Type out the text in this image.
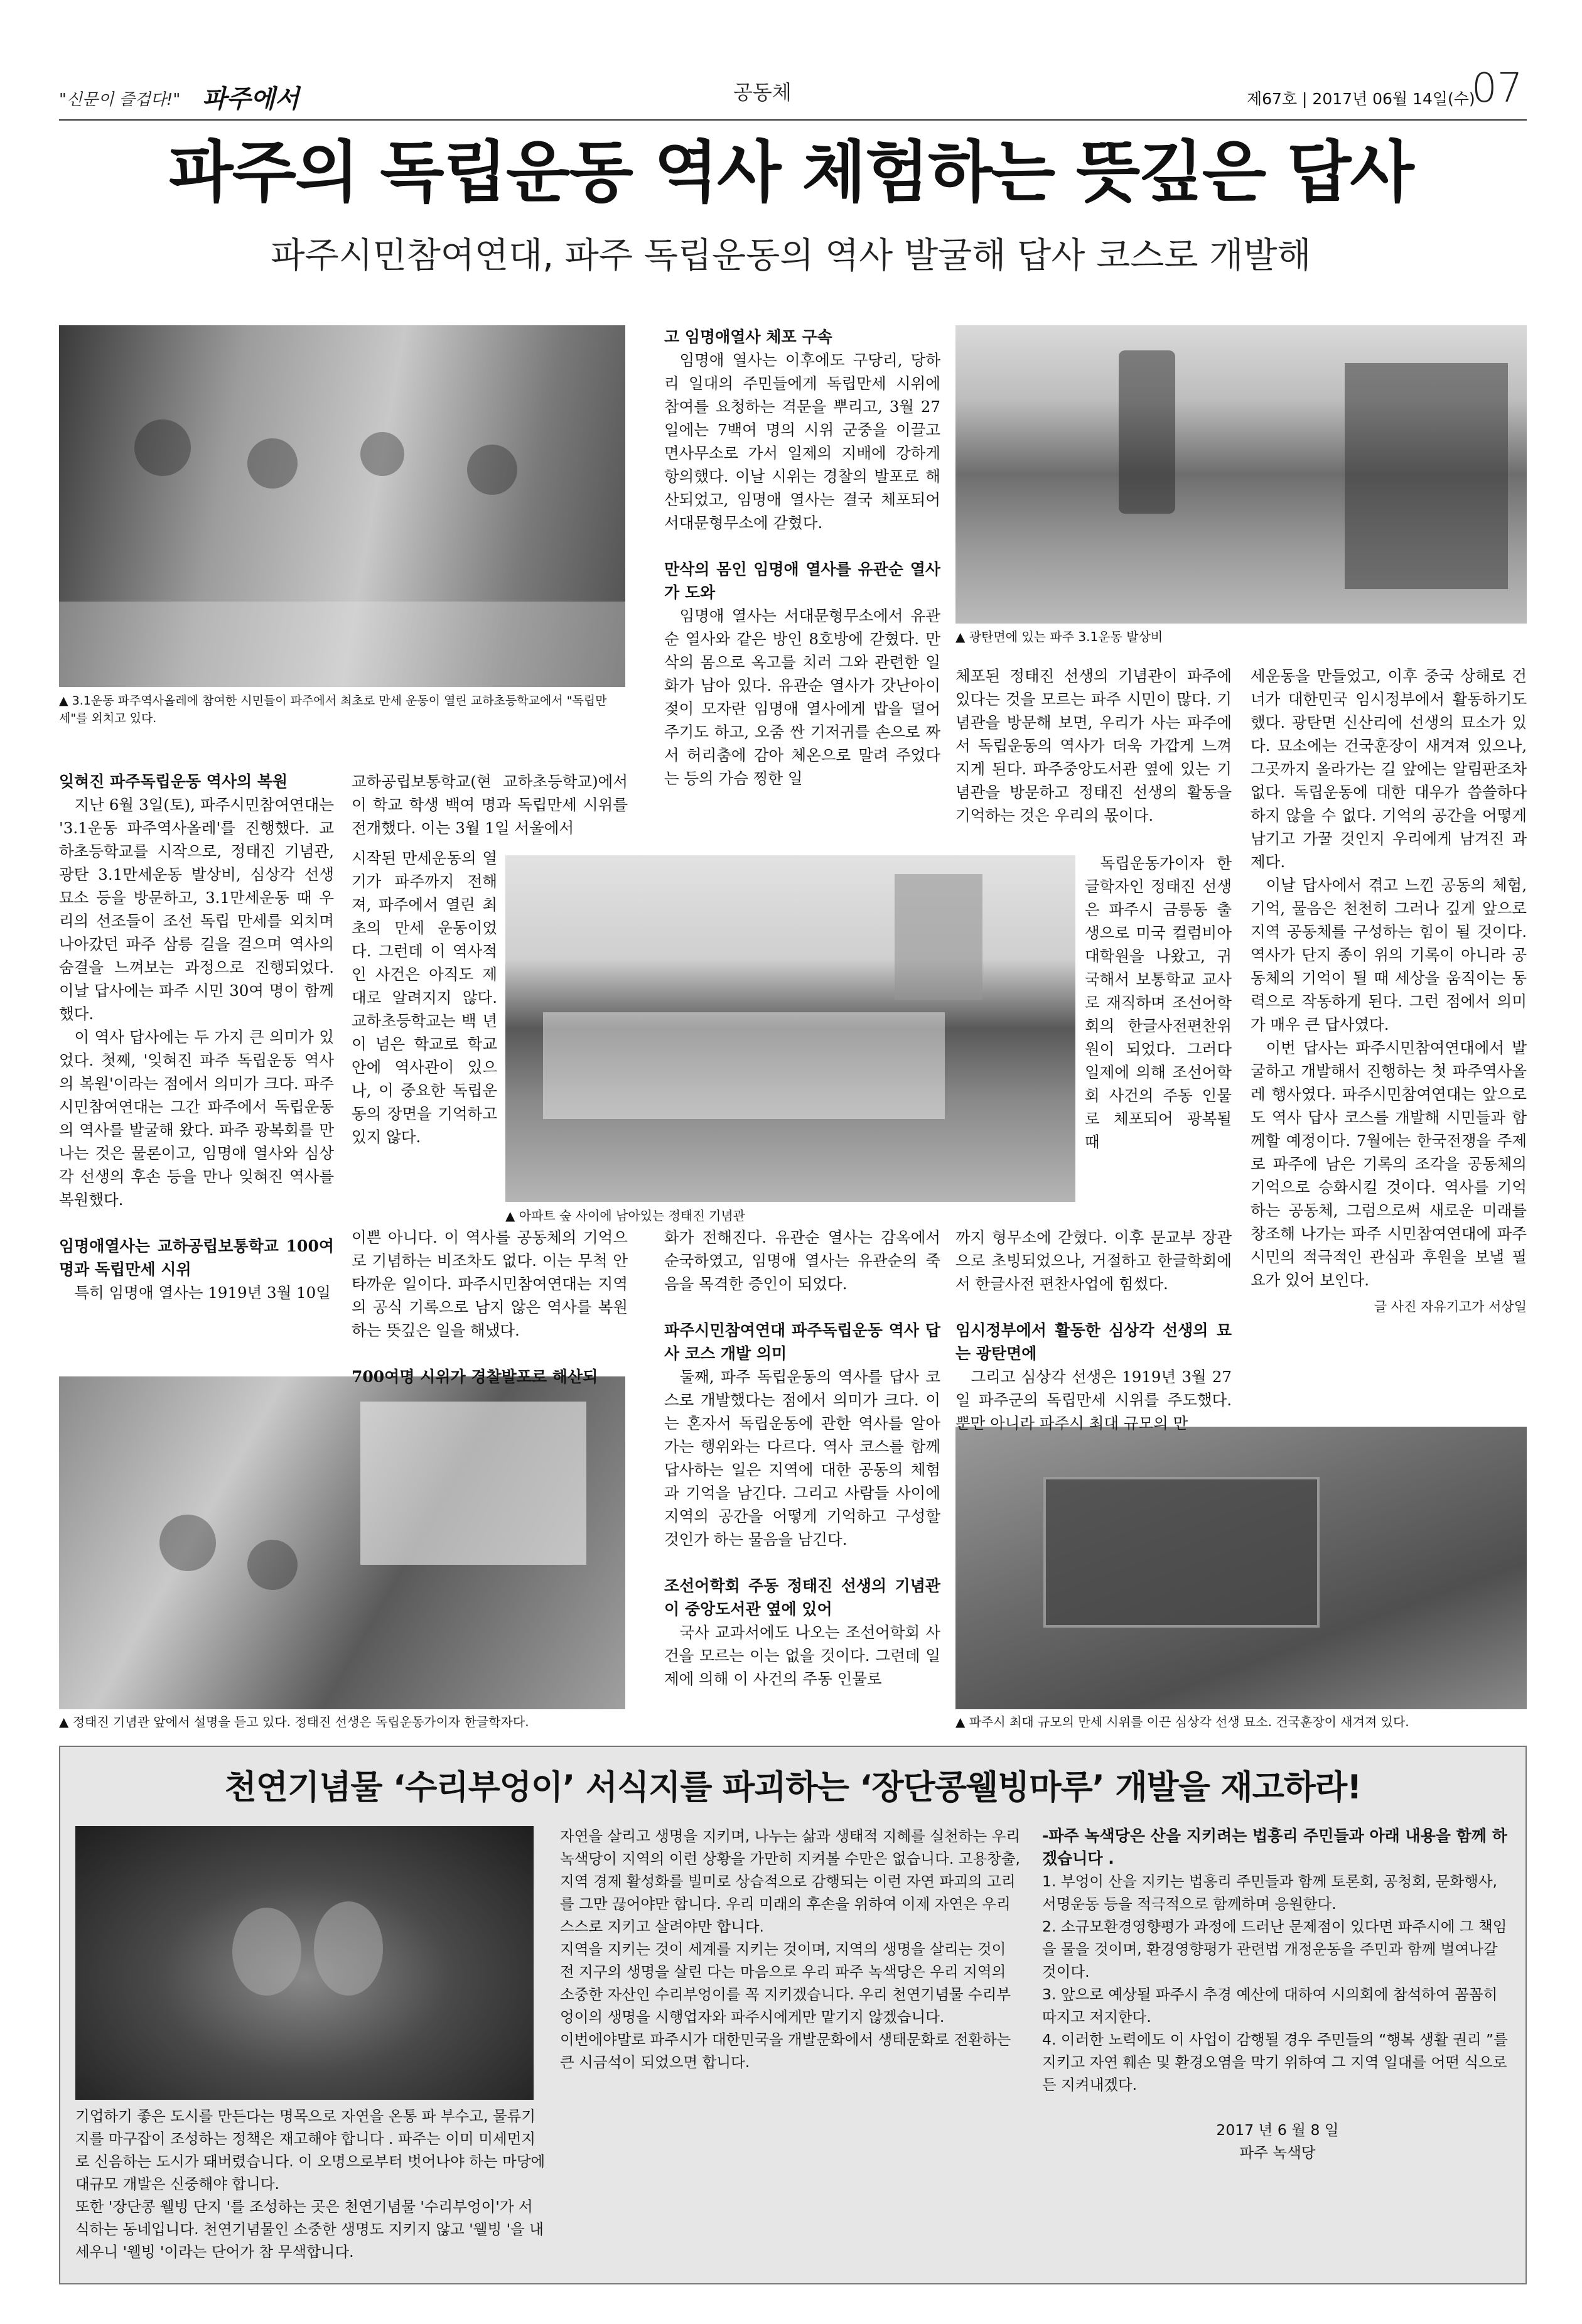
"신문이 즐겁다!" 파주에서	공동체	제67호 | 2017년 06월 14일(수)
07
파주의 독립운동 역사 체험하는 뜻깊은 답사
파주시민참여연대, 파주 독립운동의 역사 발굴해 답사 코스로 개발해
▲ 3.1운동 파주역사올레에 참여한 시민들이 파주에서 최초로 만세 운동이 열린 교하초등학교에서 "독립만세"를 외치고 있다.
▲ 광탄면에 있는 파주 3.1운동 발상비
▲ 아파트 숲 사이에 남아있는 정태진 기념관
▲ 정태진 기념관 앞에서 설명을 듣고 있다. 정태진 선생은 독립운동가이자 한글학자다.	▲ 파주시 최대 규모의 만세 시위를 이끈 심상각 선생 묘소. 건국훈장이 새겨져 있다.
잊혀진 파주독립운동 역사의 복원

지난 6월 3일(토), 파주시민참여연대는 '3.1운동 파주역사올레'를 진행했다. 교하초등학교를 시작으로, 정태진 기념관, 광탄 3.1만세운동 발상비, 심상각 선생 묘소 등을 방문하고, 3.1만세운동 때 우리의 선조들이 조선 독립 만세를 외치며 나아갔던 파주 삼릉 길을 걸으며 역사의 숨결을 느껴보는 과정으로 진행되었다. 이날 답사에는 파주 시민 30여 명이 함께했다.

이 역사 답사에는 두 가지 큰 의미가 있었다. 첫째, '잊혀진 파주 독립운동 역사의 복원'이라는 점에서 의미가 크다. 파주시민참여연대는 그간 파주에서 독립운동의 역사를 발굴해 왔다. 파주 광복회를 만나는 것은 물론이고, 임명애 열사와 심상각 선생의 후손 등을 만나 잊혀진 역사를 복원했다.

임명애열사는 교하공립보통학교 100여명과 독립만세 시위

특히 임명애 열사는 1919년 3월 10일

교하공립보통학교(현 교하초등학교)에서 이 학교 학생 백여 명과 독립만세 시위를 전개했다. 이는 3월 1일 서울에서

시작된 만세운동의 열기가 파주까지 전해져, 파주에서 열린 최초의 만세 운동이었다. 그런데 이 역사적인 사건은 아직도 제대로 알려지지 않다. 교하초등학교는 백 년이 넘은 학교로 학교 안에 역사관이 있으나, 이 중요한 독립운동의 장면을 기억하고 있지 않다.

이쁜 아니다. 이 역사를 공동체의 기억으로 기념하는 비조차도 없다. 이는 무척 안타까운 일이다. 파주시민참여연대는 지역의 공식 기록으로 남지 않은 역사를 복원하는 뜻깊은 일을 해냈다.

700여명 시위가 경찰발포로 해산되
고 임명애열사 체포 구속

임명애 열사는 이후에도 구당리, 당하리 일대의 주민들에게 독립만세 시위에 참여를 요청하는 격문을 뿌리고, 3월 27일에는 7백여 명의 시위 군중을 이끌고 면사무소로 가서 일제의 지배에 강하게 항의했다. 이날 시위는 경찰의 발포로 해산되었고, 임명애 열사는 결국 체포되어 서대문형무소에 갇혔다.

만삭의 몸인 임명애 열사를 유관순 열사가 도와

임명애 열사는 서대문형무소에서 유관순 열사와 같은 방인 8호방에 갇혔다. 만삭의 몸으로 옥고를 치러 그와 관련한 일화가 남아 있다. 유관순 열사가 갓난아이 젖이 모자란 임명애 열사에게 밥을 덜어 주기도 하고, 오줌 싼 기저귀를 손으로 짜서 허리춤에 감아 체온으로 말려 주었다는 등의 가슴 찡한 일

화가 전해진다. 유관순 열사는 감옥에서 순국하였고, 임명애 열사는 유관순의 죽음을 목격한 증인이 되었다.

파주시민참여연대 파주독립운동 역사 답사 코스 개발 의미

둘째, 파주 독립운동의 역사를 답사 코스로 개발했다는 점에서 의미가 크다. 이는 혼자서 독립운동에 관한 역사를 알아가는 행위와는 다르다. 역사 코스를 함께 답사하는 일은 지역에 대한 공동의 체험과 기억을 남긴다. 그리고 사람들 사이에 지역의 공간을 어떻게 기억하고 구성할 것인가 하는 물음을 남긴다.

조선어학회 주동 정태진 선생의 기념관이 중앙도서관 옆에 있어

국사 교과서에도 나오는 조선어학회 사건을 모르는 이는 없을 것이다. 그런데 일제에 의해 이 사건의 주동 인물로

체포된 정태진 선생의 기념관이 파주에 있다는 것을 모르는 파주 시민이 많다. 기념관을 방문해 보면, 우리가 사는 파주에서 독립운동의 역사가 더욱 가깝게 느껴지게 된다. 파주중앙도서관 옆에 있는 기념관을 방문하고 정태진 선생의 활동을 기억하는 것은 우리의 몫이다.

독립운동가이자 한글학자인 정태진 선생은 파주시 금릉동 출생으로 미국 컬럼비아 대학원을 나왔고, 귀국해서 보통학교 교사로 재직하며 조선어학회의 한글사전편찬위원이 되었다. 그러다 일제에 의해 조선어학회 사건의 주동 인물로 체포되어 광복될 때

까지 형무소에 갇혔다. 이후 문교부 장관으로 초빙되었으나, 거절하고 한글학회에서 한글사전 편찬사업에 힘썼다.

임시정부에서 활동한 심상각 선생의 묘는 광탄면에

그리고 심상각 선생은 1919년 3월 27일 파주군의 독립만세 시위를 주도했다. 뿐만 아니라 파주시 최대 규모의 만

세운동을 만들었고, 이후 중국 상해로 건너가 대한민국 임시정부에서 활동하기도 했다. 광탄면 신산리에 선생의 묘소가 있다. 묘소에는 건국훈장이 새겨져 있으나, 그곳까지 올라가는 길 앞에는 알림판조차 없다. 독립운동에 대한 대우가 씁쓸하다 하지 않을 수 없다. 기억의 공간을 어떻게 남기고 가꿀 것인지 우리에게 남겨진 과제다.

이날 답사에서 겪고 느낀 공동의 체험, 기억, 물음은 천천히 그러나 깊게 앞으로 지역 공동체를 구성하는 힘이 될 것이다. 역사가 단지 종이 위의 기록이 아니라 공동체의 기억이 될 때 세상을 움직이는 동력으로 작동하게 된다. 그런 점에서 의미가 매우 큰 답사였다.

이번 답사는 파주시민참여연대에서 발굴하고 개발해서 진행하는 첫 파주역사올레 행사였다. 파주시민참여연대는 앞으로도 역사 답사 코스를 개발해 시민들과 함께할 예정이다. 7월에는 한국전쟁을 주제로 파주에 남은 기록의 조각을 공동체의 기억으로 승화시킬 것이다. 역사를 기억하는 공동체, 그럼으로써 새로운 미래를 창조해 나가는 파주 시민참여연대에 파주 시민의 적극적인 관심과 후원을 보낼 필요가 있어 보인다.

글 사진 자유기고가 서상일
천연기념물 ‘수리부엉이’ 서식지를 파괴하는 ‘장단콩웰빙마루’ 개발을 재고하라!
기업하기 좋은 도시를 만든다는 명목으로 자연을 온통 파 부수고, 물류기지를 마구잡이 조성하는 정책은 재고해야 합니다 . 파주는 이미 미세먼지로 신음하는 도시가 돼버렸습니다. 이 오명으로부터 벗어나야 하는 마당에 대규모 개발은 신중해야 합니다.
또한 '장단콩 웰빙 단지 '를 조성하는 곳은 천연기념물 '수리부엉이'가 서식하는 동네입니다. 천연기념물인 소중한 생명도 지키지 않고 '웰빙 '을 내세우니 '웰빙 '이라는 단어가 참 무색합니다.
자연을 살리고 생명을 지키며, 나누는 삶과 생태적 지혜를 실천하는 우리 녹색당이 지역의 이런 상황을 가만히 지켜볼 수만은 없습니다. 고용창출, 지역 경제 활성화를 빌미로 상습적으로 감행되는 이런 자연 파괴의 고리를 그만 끊어야만 합니다. 우리 미래의 후손을 위하여 이제 자연은 우리 스스로 지키고 살려야만 합니다.
지역을 지키는 것이 세계를 지키는 것이며, 지역의 생명을 살리는 것이 전 지구의 생명을 살린 다는 마음으로 우리 파주 녹색당은 우리 지역의 소중한 자산인 수리부엉이를 꼭 지키겠습니다. 우리 천연기념물 수리부엉이의 생명을 시행업자와 파주시에게만 맡기지 않겠습니다.
이번에야말로 파주시가 대한민국을 개발문화에서 생태문화로 전환하는 큰 시금석이 되었으면 합니다.
-파주 녹색당은 산을 지키려는 법흥리 주민들과 아래 내용을 함께 하겠습니다 .
1. 부엉이 산을 지키는 법흥리 주민들과 함께 토론회, 공청회, 문화행사, 서명운동 등을 적극적으로 함께하며 응원한다.
2. 소규모환경영향평가 과정에 드러난 문제점이 있다면 파주시에 그 책임을 물을 것이며, 환경영향평가 관련법 개정운동을 주민과 함께 벌여나갈 것이다.
3. 앞으로 예상될 파주시 추경 예산에 대하여 시의회에 참석하여 꼼꼼히 따지고 저지한다.
4. 이러한 노력에도 이 사업이 감행될 경우 주민들의 “행복 생활 권리 ”를 지키고 자연 훼손 및 환경오염을 막기 위하여 그 지역 일대를 어떤 식으로든 지켜내겠다.
2017 년 6 월 8 일
파주 녹색당
